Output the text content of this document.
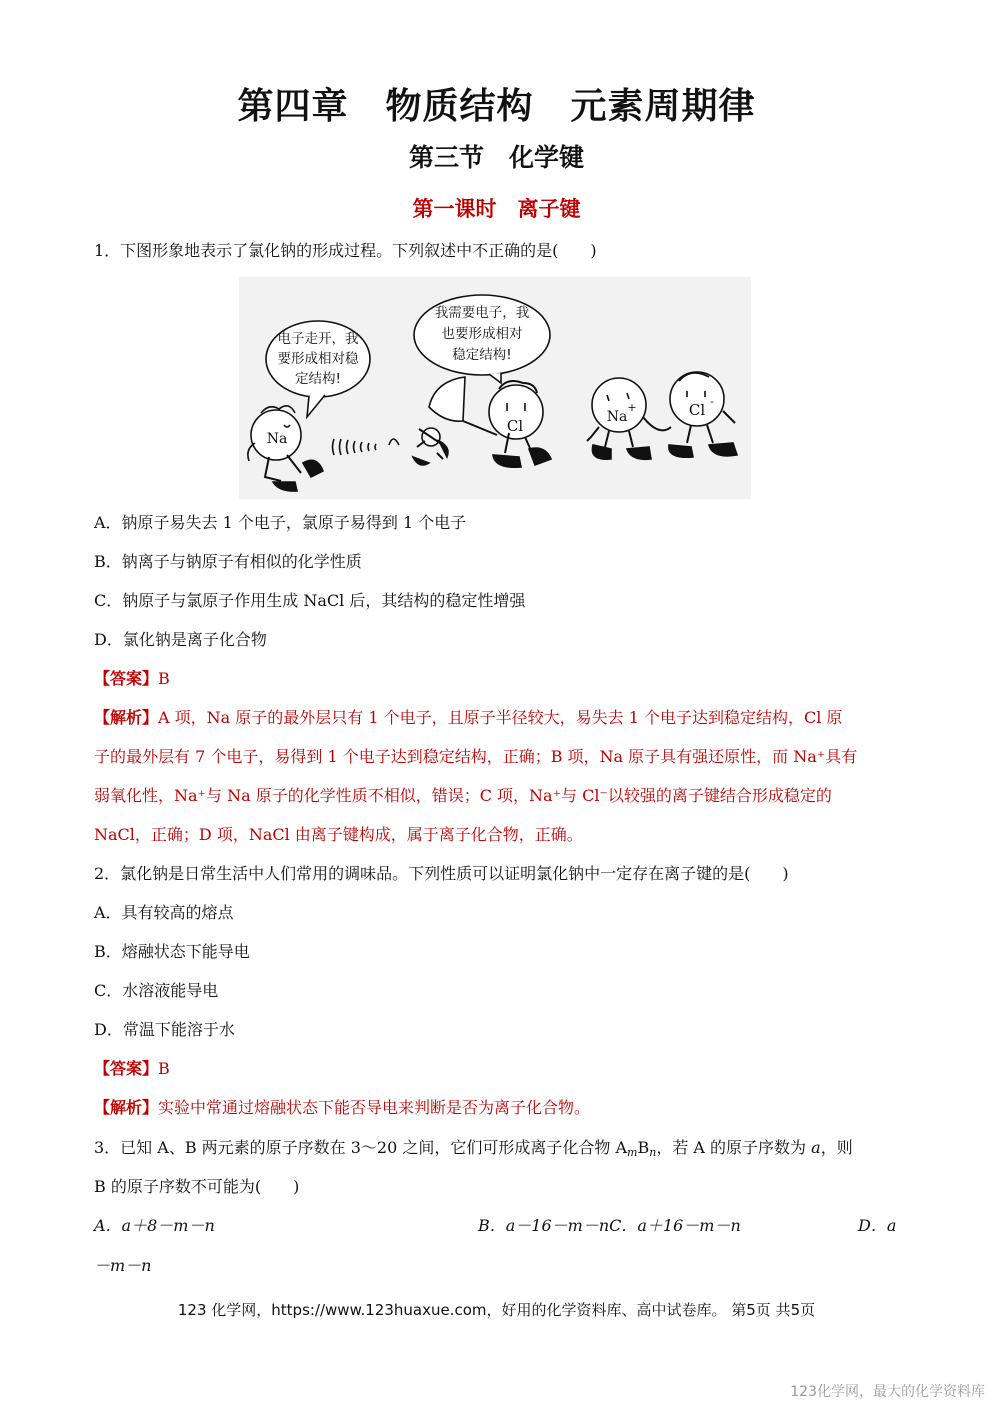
第四章　物质结构　元素周期律
第三节　化学键
第一课时　离子键
1．下图形象地表示了氯化钠的形成过程。下列叙述中不正确的是(　　)
电子走开，我
要形成相对稳
定结构!
我需要电子，我
也要形成相对
稳定结构!
Na
Cl	Na
+	Cl -
A．钠原子易失去 1 个电子，氯原子易得到 1 个电子
B．钠离子与钠原子有相似的化学性质
C．钠原子与氯原子作用生成 NaCl 后，其结构的稳定性增强
D．氯化钠是离子化合物
【答案】B
【解析】A 项，Na 原子的最外层只有 1 个电子，且原子半径较大，易失去 1 个电子达到稳定结构，Cl 原
子的最外层有 7 个电子，易得到 1 个电子达到稳定结构，正确；B 项，Na 原子具有强还原性，而 Na⁺具有
弱氧化性，Na⁺与 Na 原子的化学性质不相似，错误；C 项，Na⁺与 Cl⁻以较强的离子键结合形成稳定的
NaCl，正确；D 项，NaCl 由离子键构成，属于离子化合物，正确。
2．氯化钠是日常生活中人们常用的调味品。下列性质可以证明氯化钠中一定存在离子键的是(　　)
A．具有较高的熔点
B．熔融状态下能导电
C．水溶液能导电
D．常温下能溶于水
【答案】B
【解析】实验中常通过熔融状态下能否导电来判断是否为离子化合物。
3．已知 A、B 两元素的原子序数在 3～20 之间，它们可形成离子化合物 $A_mB_n$，若 A 的原子序数为 a，则
B 的原子序数不可能为(　　)
A．a＋8－m－n	B．a－16－m－nC．a＋16－m－n	D．a
－m－n
123 化学网，https://www.123huaxue.com，好用的化学资料库、高中试卷库。 第5页 共5页
123化学网，最大的化学资料库
